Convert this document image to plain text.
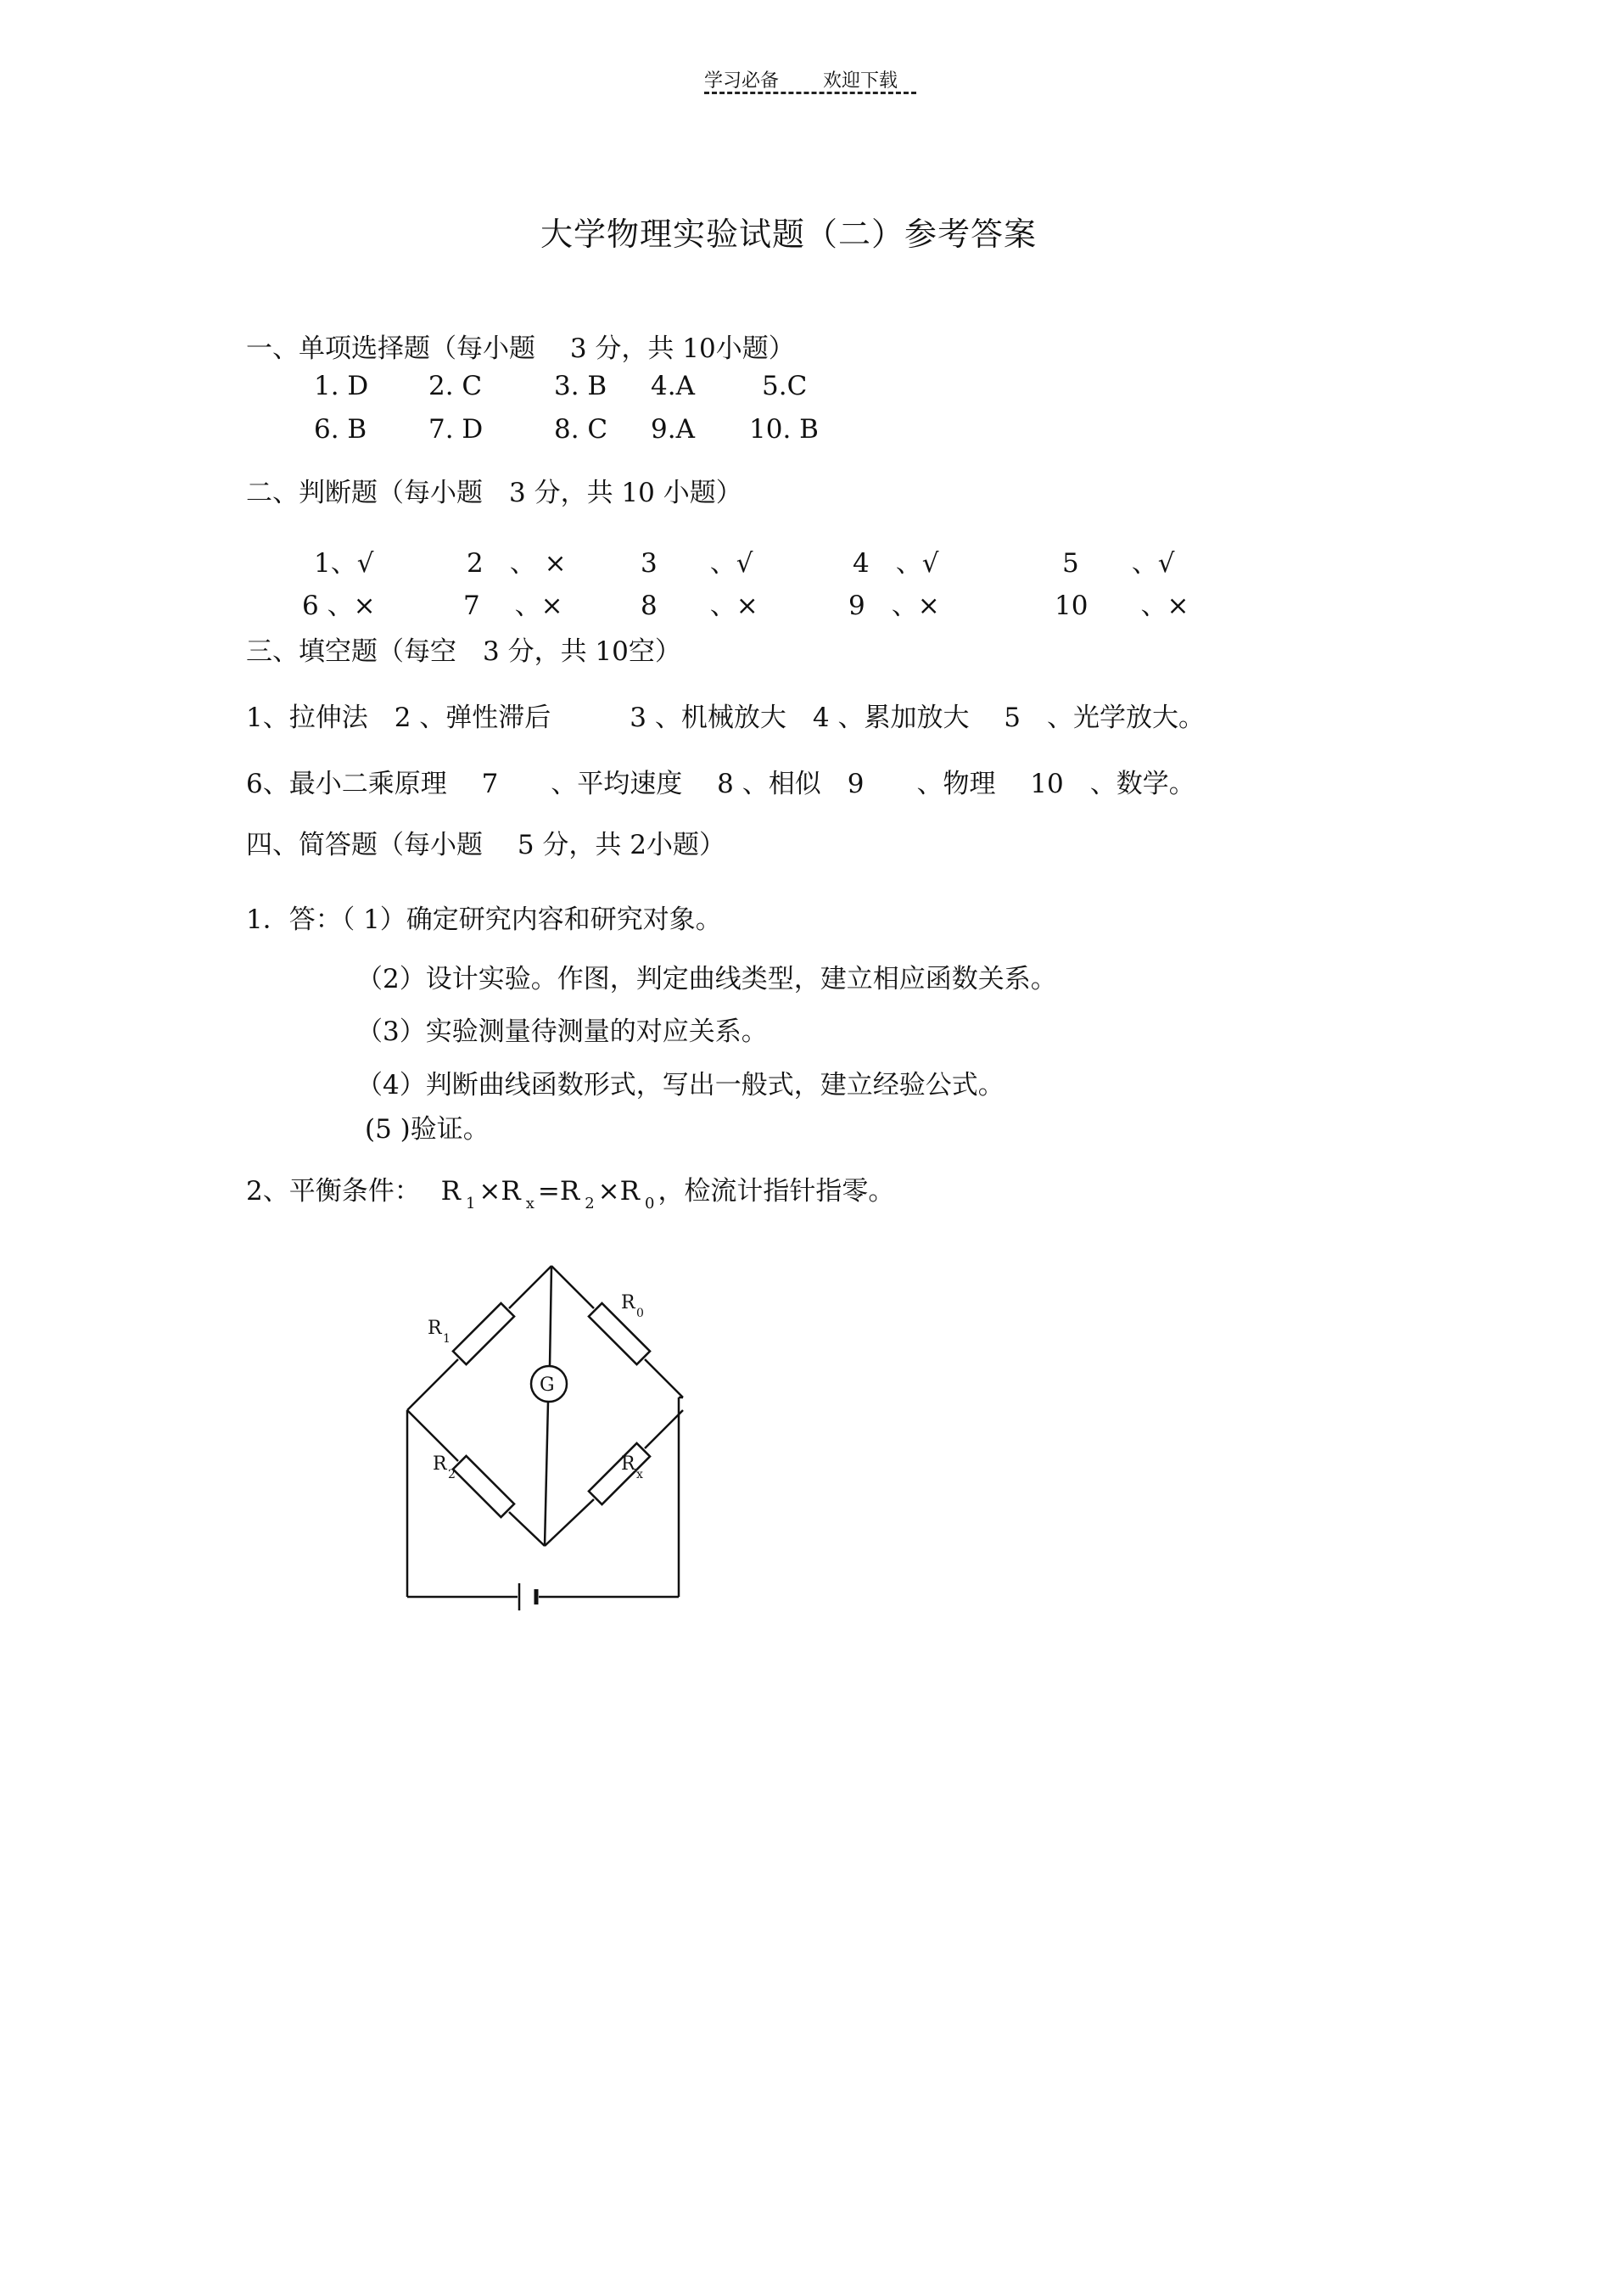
学习必备 欢迎下载
大学物理实验试题（二）参考答案
一、单项选择题（每小题　 3 分，共 10小题）
1. D 2. C	3. B 4.A	5.C
6. B 7. D	8. C 9.A 10. B
二、判断题（每小题　3 分，共 10 小题）
1、√	2　、 ×	3　　、√	4　、√	5　　、√
6 、×	7　 、×	8　　、×	9　、×	10　　、×
三、填空题（每空　3 分，共 10空）
1、拉伸法　2 、弹性滞后　　　3 、机械放大　4 、累加放大　 5　、光学放大。
6、最小二乘原理　 7　　、平均速度　 8 、相似　9　　、物理　 10　、数学。
四、简答题（每小题　 5 分，共 2小题）
1．答：（ 1）确定研究内容和研究对象。
（2）设计实验。作图，判定曲线类型，建立相应函数关系。
（3）实验测量待测量的对应关系。
（4）判断曲线函数形式，写出一般式，建立经验公式。
(5 )验证。
2、平衡条件： R $_1$ ×R $_x$ =R $_2$ ×R $_0$ ，检流计指针指零。
G
R 1
R 0
R 2	R x
